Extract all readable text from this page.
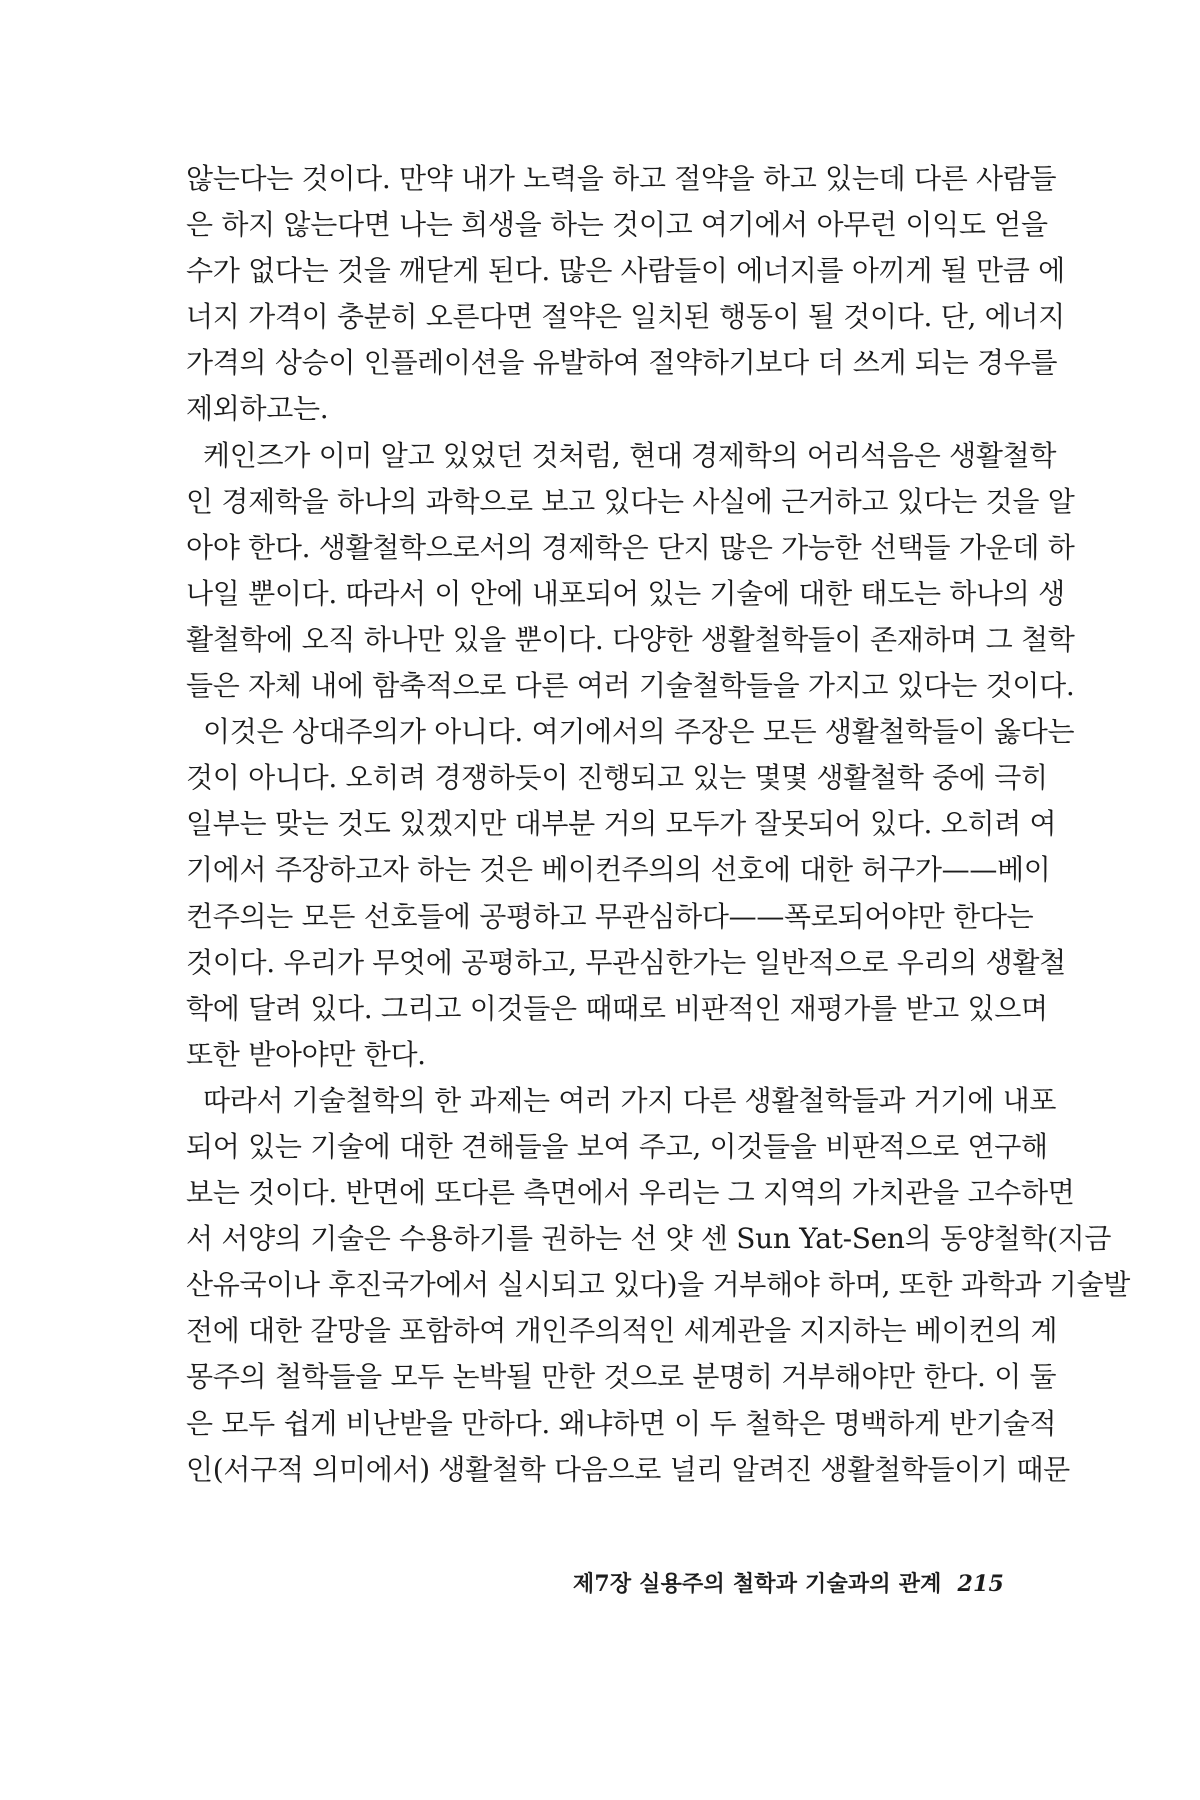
않는다는 것이다. 만약 내가 노력을 하고 절약을 하고 있는데 다른 사람들
은 하지 않는다면 나는 희생을 하는 것이고 여기에서 아무런 이익도 얻을
수가 없다는 것을 깨닫게 된다. 많은 사람들이 에너지를 아끼게 될 만큼 에
너지 가격이 충분히 오른다면 절약은 일치된 행동이 될 것이다. 단, 에너지
가격의 상승이 인플레이션을 유발하여 절약하기보다 더 쓰게 되는 경우를
제외하고는.
케인즈가 이미 알고 있었던 것처럼, 현대 경제학의 어리석음은 생활철학
인 경제학을 하나의 과학으로 보고 있다는 사실에 근거하고 있다는 것을 알
아야 한다. 생활철학으로서의 경제학은 단지 많은 가능한 선택들 가운데 하
나일 뿐이다. 따라서 이 안에 내포되어 있는 기술에 대한 태도는 하나의 생
활철학에 오직 하나만 있을 뿐이다. 다양한 생활철학들이 존재하며 그 철학
들은 자체 내에 함축적으로 다른 여러 기술철학들을 가지고 있다는 것이다.
이것은 상대주의가 아니다. 여기에서의 주장은 모든 생활철학들이 옳다는
것이 아니다. 오히려 경쟁하듯이 진행되고 있는 몇몇 생활철학 중에 극히
일부는 맞는 것도 있겠지만 대부분 거의 모두가 잘못되어 있다. 오히려 여
기에서 주장하고자 하는 것은 베이컨주의의 선호에 대한 허구가——베이
컨주의는 모든 선호들에 공평하고 무관심하다——폭로되어야만 한다는
것이다. 우리가 무엇에 공평하고, 무관심한가는 일반적으로 우리의 생활철
학에 달려 있다. 그리고 이것들은 때때로 비판적인 재평가를 받고 있으며
또한 받아야만 한다.
따라서 기술철학의 한 과제는 여러 가지 다른 생활철학들과 거기에 내포
되어 있는 기술에 대한 견해들을 보여 주고, 이것들을 비판적으로 연구해
보는 것이다. 반면에 또다른 측면에서 우리는 그 지역의 가치관을 고수하면
서 서양의 기술은 수용하기를 권하는 선 얏 센 Sun Yat-Sen의 동양철학(지금
산유국이나 후진국가에서 실시되고 있다)을 거부해야 하며, 또한 과학과 기술발
전에 대한 갈망을 포함하여 개인주의적인 세계관을 지지하는 베이컨의 계
몽주의 철학들을 모두 논박될 만한 것으로 분명히 거부해야만 한다. 이 둘
은 모두 쉽게 비난받을 만하다. 왜냐하면 이 두 철학은 명백하게 반기술적
인(서구적 의미에서) 생활철학 다음으로 널리 알려진 생활철학들이기 때문
제7장 실용주의 철학과 기술과의 관계 215
